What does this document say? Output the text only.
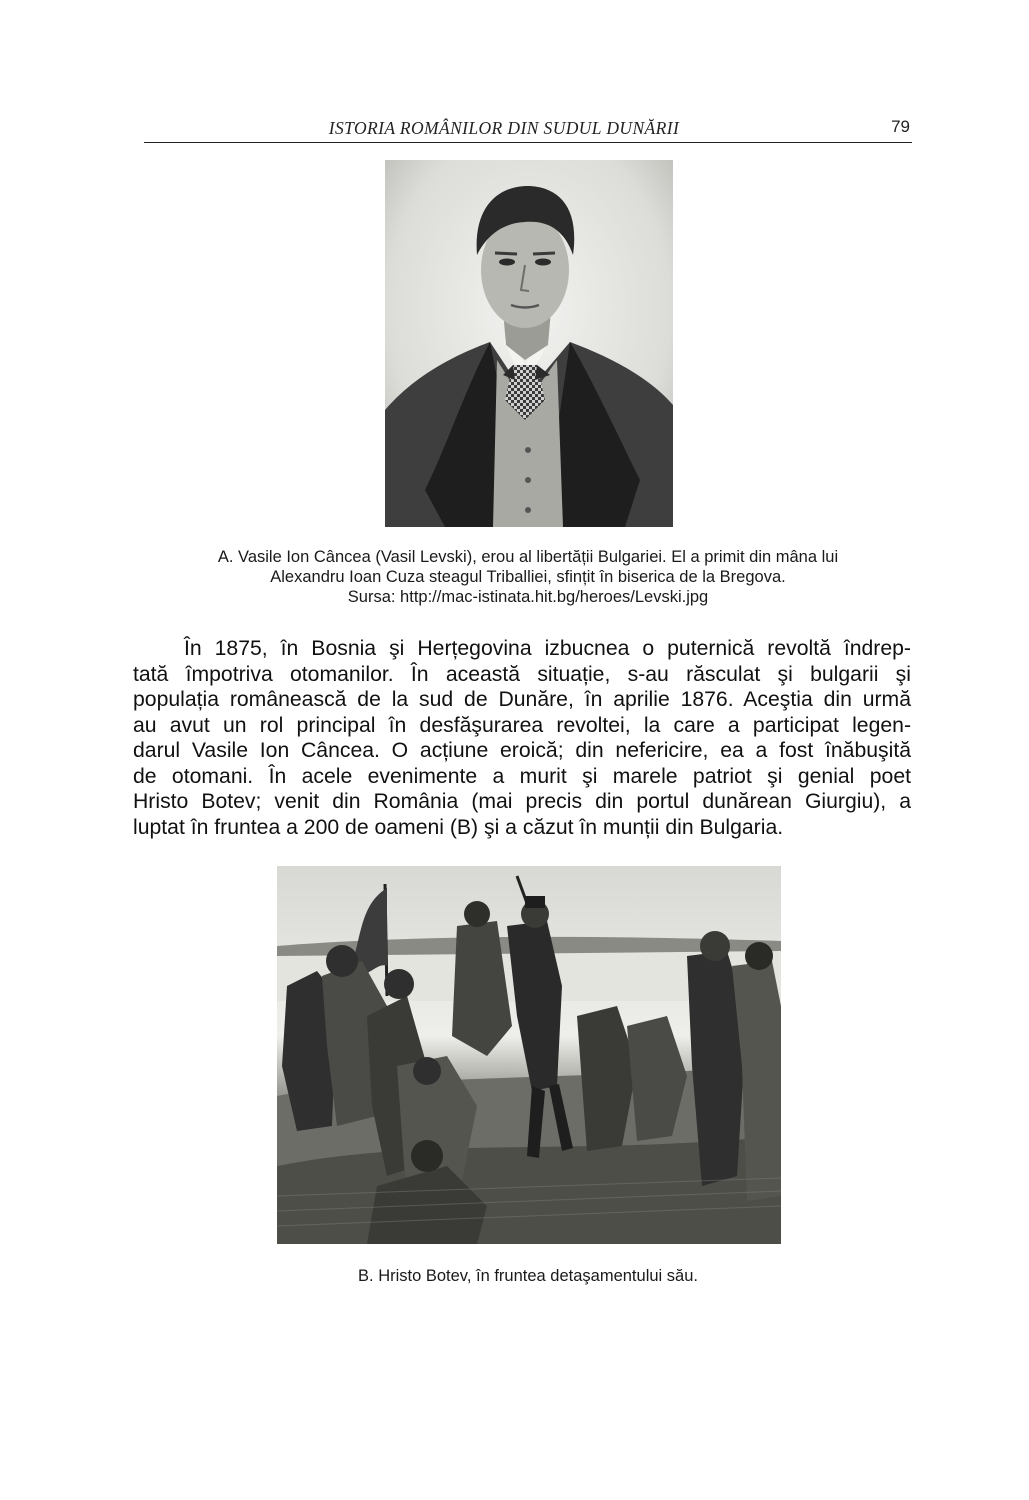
ISTORIA ROMÂNILOR DIN SUDUL DUNĂRII	79
A. Vasile Ion Câncea (Vasil Levski), erou al libertății Bulgariei. El a primit din mâna lui
Alexandru Ioan Cuza steagul Triballiei, sfințit în biserica de la Bregova.
Sursa: http://mac-istinata.hit.bg/heroes/Levski.jpg
În 1875, în Bosnia şi Herțegovina izbucnea o puternică revoltă îndrep-
tată împotriva otomanilor. În această situație, s-au răsculat şi bulgarii şi
populația românească de la sud de Dunăre, în aprilie 1876. Aceştia din urmă
au avut un rol principal în desfăşurarea revoltei, la care a participat legen-
darul Vasile Ion Câncea. O acțiune eroică; din nefericire, ea a fost înăbuşită
de otomani. În acele evenimente a murit şi marele patriot şi genial poet
Hristo Botev; venit din România (mai precis din portul dunărean Giurgiu), a
luptat în fruntea a 200 de oameni (B) şi a căzut în munții din Bulgaria.
B. Hristo Botev, în fruntea detaşamentului său.
